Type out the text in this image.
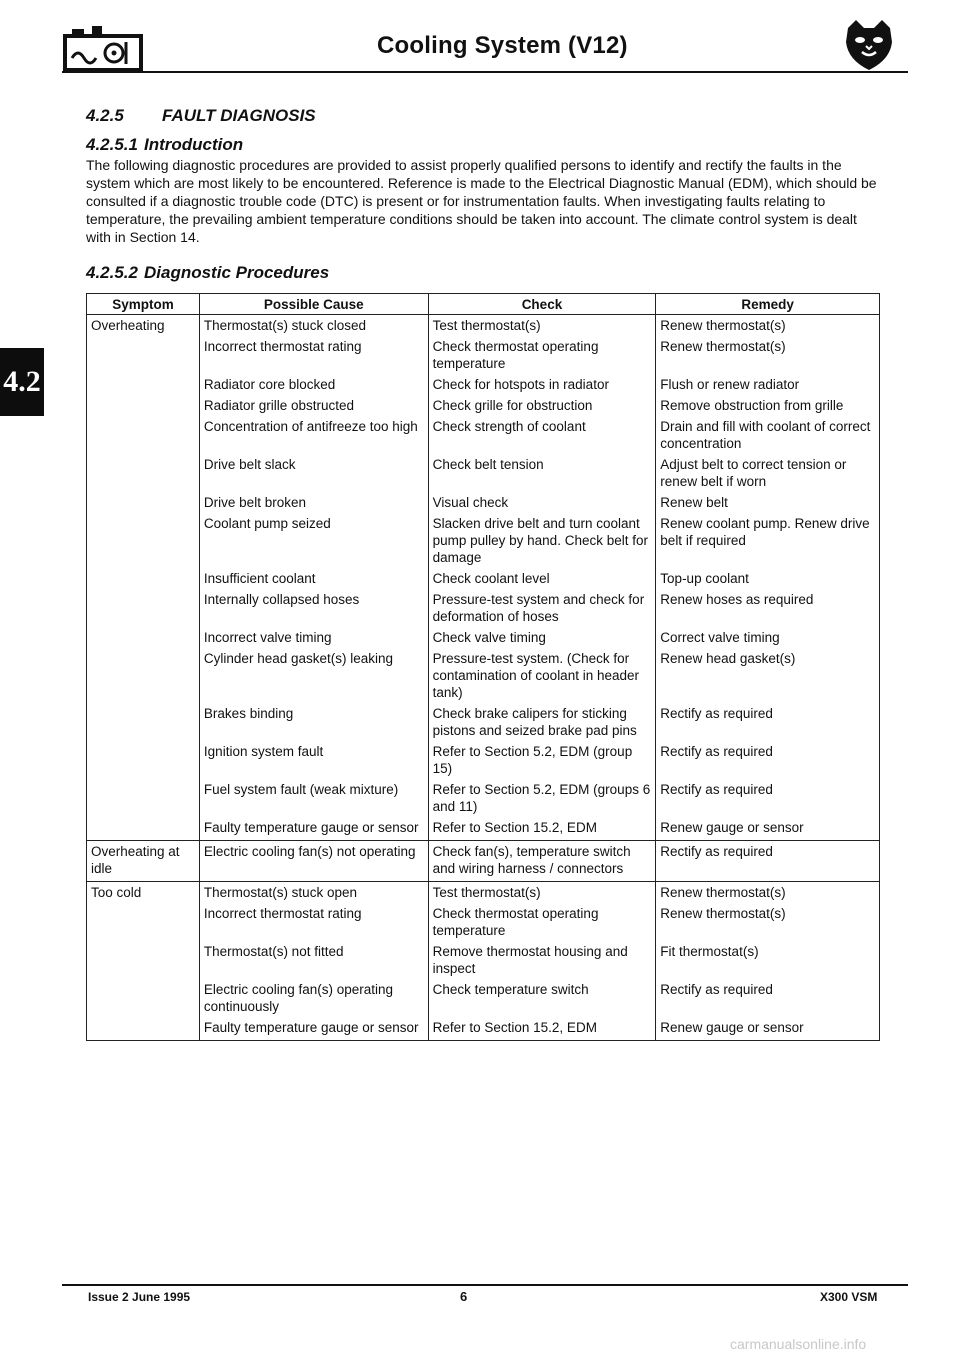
Cooling System (V12)
4.2
4.2.5 FAULT DIAGNOSIS
4.2.5.1 Introduction

The following diagnostic procedures are provided to assist properly qualified persons to identify and rectify the faults in the system which are most likely to be encountered. Reference is made to the Electrical Diagnostic Manual (EDM), which should be consulted if a diagnostic trouble code (DTC) is present or for instrumentation faults. When investigating faults relating to temperature, the prevailing ambient temperature conditions should be taken into account. The climate control system is dealt with in Section 14.

4.2.5.2 Diagnostic Procedures
Symptom	Possible Cause	Check	Remedy
Overheating	Thermostat(s) stuck closed	Test thermostat(s)	Renew thermostat(s)
	Incorrect thermostat rating	Check thermostat operating temperature	Renew thermostat(s)
	Radiator core blocked	Check for hotspots in radiator	Flush or renew radiator
	Radiator grille obstructed	Check grille for obstruction	Remove obstruction from grille
	Concentration of antifreeze too high	Check strength of coolant	Drain and fill with coolant of correct concentration
	Drive belt slack	Check belt tension	Adjust belt to correct tension or renew belt if worn
	Drive belt broken	Visual check	Renew belt
	Coolant pump seized	Slacken drive belt and turn coolant pump pulley by hand. Check belt for damage	Renew coolant pump. Renew drive belt if required
	Insufficient coolant	Check coolant level	Top-up coolant
	Internally collapsed hoses	Pressure-test system and check for deformation of hoses	Renew hoses as required
	Incorrect valve timing	Check valve timing	Correct valve timing
	Cylinder head gasket(s) leaking	Pressure-test system. (Check for contamination of coolant in header tank)	Renew head gasket(s)
	Brakes binding	Check brake calipers for sticking pistons and seized brake pad pins	Rectify as required
	Ignition system fault	Refer to Section 5.2, EDM (group 15)	Rectify as required
	Fuel system fault (weak mixture)	Refer to Section 5.2, EDM (groups 6 and 11)	Rectify as required
	Faulty temperature gauge or sensor	Refer to Section 15.2, EDM	Renew gauge or sensor
Overheating at idle	Electric cooling fan(s) not operating	Check fan(s), temperature switch and wiring harness / connectors	Rectify as required
Too cold	Thermostat(s) stuck open	Test thermostat(s)	Renew thermostat(s)
	Incorrect thermostat rating	Check thermostat operating temperature	Renew thermostat(s)
	Thermostat(s) not fitted	Remove thermostat housing and inspect	Fit thermostat(s)
	Electric cooling fan(s) operating continuously	Check temperature switch	Rectify as required
	Faulty temperature gauge or sensor	Refer to Section 15.2, EDM	Renew gauge or sensor
Issue 2 June 1995	6	X300 VSM
carmanualsonline.info
